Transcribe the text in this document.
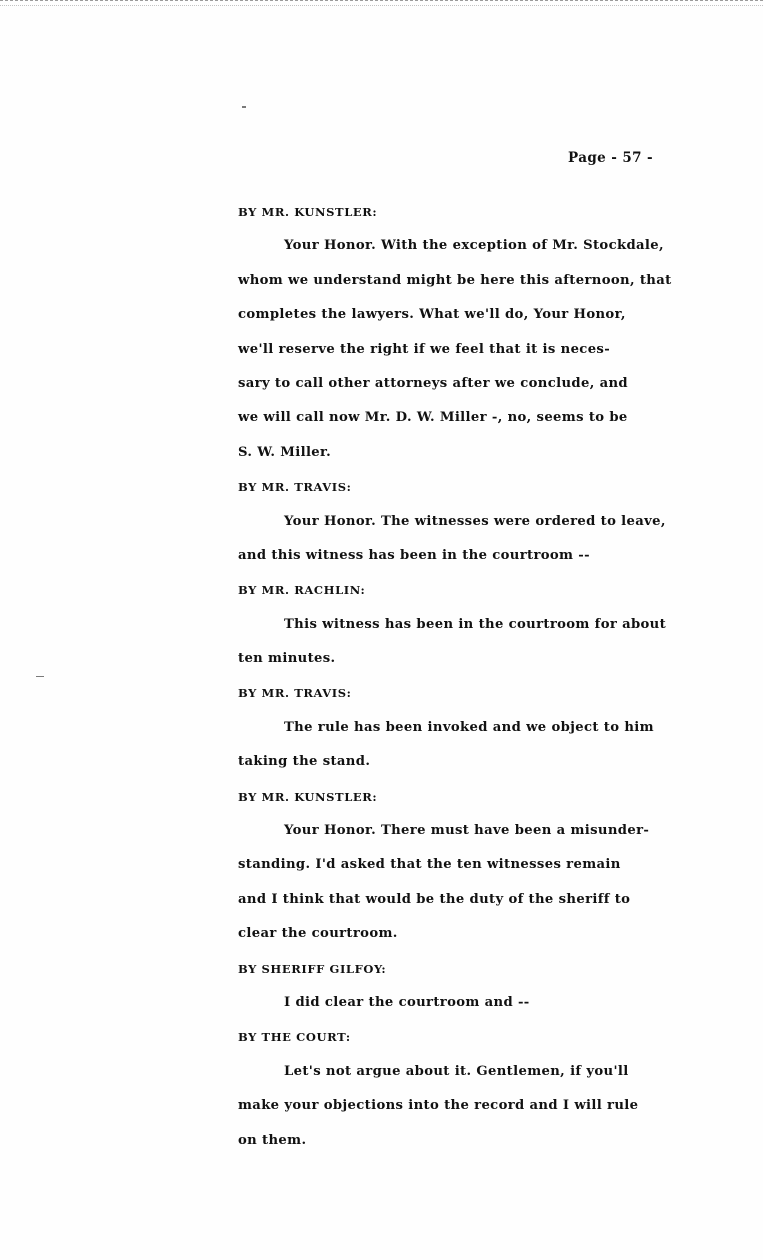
Page - 57 -
BY MR. KUNSTLER:
Your Honor. With the exception of Mr. Stockdale,
whom we understand might be here this afternoon, that
completes the lawyers. What we'll do, Your Honor,
we'll reserve the right if we feel that it is neces-
sary to call other attorneys after we conclude, and
we will call now Mr. D. W. Miller -, no, seems to be
S. W. Miller.
BY MR. TRAVIS:
Your Honor. The witnesses were ordered to leave,
and this witness has been in the courtroom --
BY MR. RACHLIN:
This witness has been in the courtroom for about
ten minutes.
BY MR. TRAVIS:
The rule has been invoked and we object to him
taking the stand.
BY MR. KUNSTLER:
Your Honor. There must have been a misunder-
standing. I'd asked that the ten witnesses remain
and I think that would be the duty of the sheriff to
clear the courtroom.
BY SHERIFF GILFOY:
I did clear the courtroom and --
BY THE COURT:
Let's not argue about it. Gentlemen, if you'll
make your objections into the record and I will rule
on them.
